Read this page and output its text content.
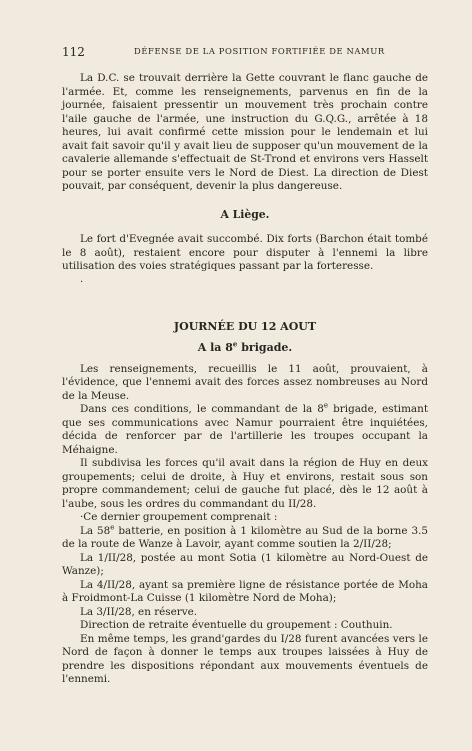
112	DÉFENSE DE LA POSITION FORTIFIÉE DE NAMUR

La D.C. se trouvait derrière la Gette couvrant le flanc gauche de l'armée. Et, comme les renseignements, parvenus en fin de la journée, faisaient pressentir un mouvement très prochain contre l'aile gauche de l'armée, une instruction du G.Q.G., arrêtée à 18 heures, lui avait confirmé cette mission pour le lendemain et lui avait fait savoir qu'il y avait lieu de supposer qu'un mouvement de la cavalerie allemande s'effectuait de St-Trond et environs vers Hasselt pour se porter ensuite vers le Nord de Diest. La direction de Diest pouvait, par conséquent, devenir la plus dangereuse.

A Liège.

Le fort d'Evegnée avait succombé. Dix forts (Barchon était tombé le 8 août), restaient encore pour disputer à l'ennemi la libre utilisation des voies stratégiques passant par la forteresse.

.
JOURNÉE DU 12 AOUT
A la 8e brigade.

Les renseignements, recueillis le 11 août, prouvaient, à l'évidence, que l'ennemi avait des forces assez nombreuses au Nord de la Meuse.

Dans ces conditions, le commandant de la 8e brigade, estimant que ses communications avec Namur pourraient être inquiétées, décida de renforcer par de l'artillerie les troupes occupant la Méhaigne.

Il subdivisa les forces qu'il avait dans la région de Huy en deux groupements; celui de droite, à Huy et environs, restait sous son propre commandement; celui de gauche fut placé, dès le 12 août à l'aube, sous les ordres du commandant du II/28.

·Ce dernier groupement comprenait :

La 58e batterie, en position à 1 kilomètre au Sud de la borne 3.5 de la route de Wanze à Lavoir, ayant comme soutien la 2/II/28;

La 1/II/28, postée au mont Sotia (1 kilomètre au Nord-Ouest de Wanze);

La 4/II/28, ayant sa première ligne de résistance portée de Moha à Froidmont-La Cuisse (1 kilomètre Nord de Moha);

La 3/II/28, en réserve.

Direction de retraite éventuelle du groupement : Couthuin.

En même temps, les grand'gardes du I/28 furent avancées vers le Nord de façon à donner le temps aux troupes laissées à Huy de prendre les dispositions répondant aux mouvements éventuels de l'ennemi.
